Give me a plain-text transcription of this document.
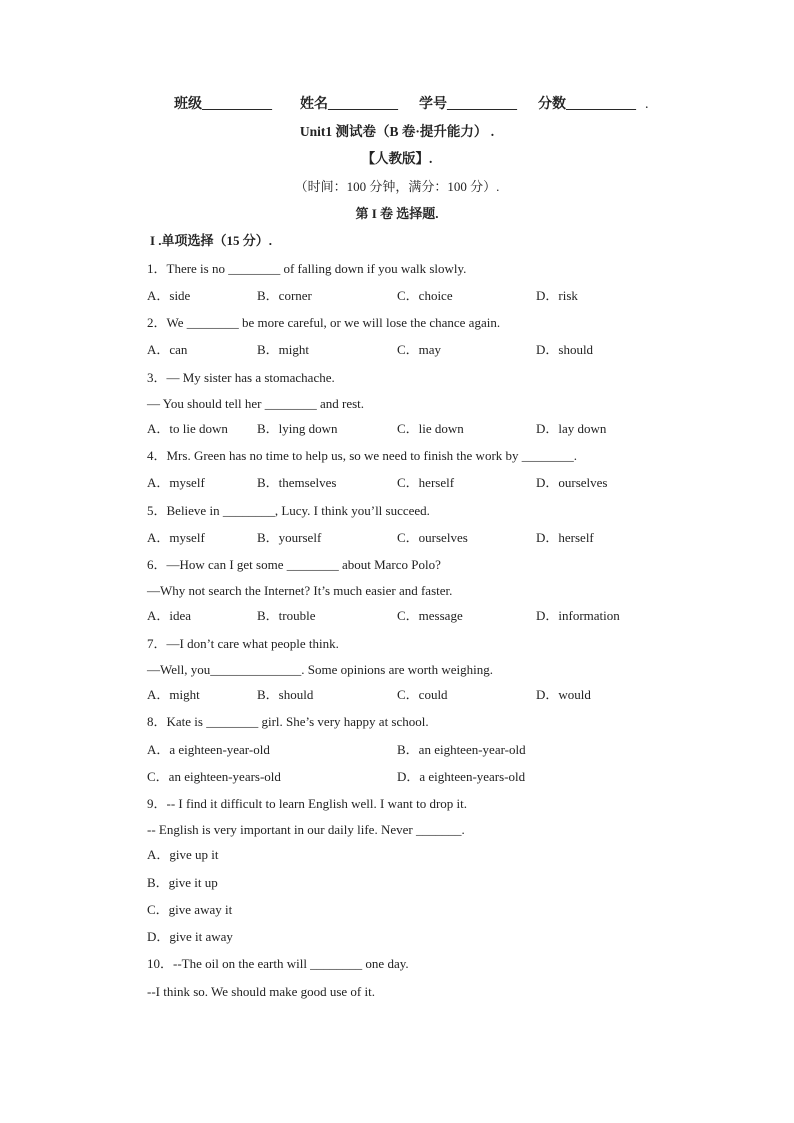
班级__________ 姓名__________ 学号__________ 分数__________ .
Unit1 测试卷（B 卷·提升能力） .
【人教版】.
（时间：100 分钟，满分：100 分）.
第 I 卷 选择题.
I .单项选择（15 分）.
1．There is no ________ of falling down if you walk slowly.
A．side	B．corner	C．choice	D．risk
2．We ________ be more careful, or we will lose the chance again.
A．can	B．might	C．may	D．should
3．— My sister has a stomachache.
— You should tell her ________ and rest.
A．to lie down B．lying down	C．lie down	D．lay down
4．Mrs. Green has no time to help us, so we need to finish the work by ________.
A．myself	B．themselves	C．herself	D．ourselves
5．Believe in ________, Lucy. I think you’ll succeed.
A．myself	B．yourself	C．ourselves	D．herself
6．—How can I get some ________ about Marco Polo?
—Why not search the Internet? It’s much easier and faster.
A．idea	B．trouble	C．message	D．information
7．—I don’t care what people think.
—Well, you______________. Some opinions are worth weighing.
A．might	B．should	C．could	D．would
8．Kate is ________ girl. She’s very happy at school.
A．a eighteen-year-old	B．an eighteen-year-old
C．an eighteen-years-old	D．a eighteen-years-old
9．-- I find it difficult to learn English well. I want to drop it.
-- English is very important in our daily life. Never _______.
A．give up it
B．give it up
C．give away it
D．give it away
10．--The oil on the earth will ________ one day.
--I think so. We should make good use of it.
